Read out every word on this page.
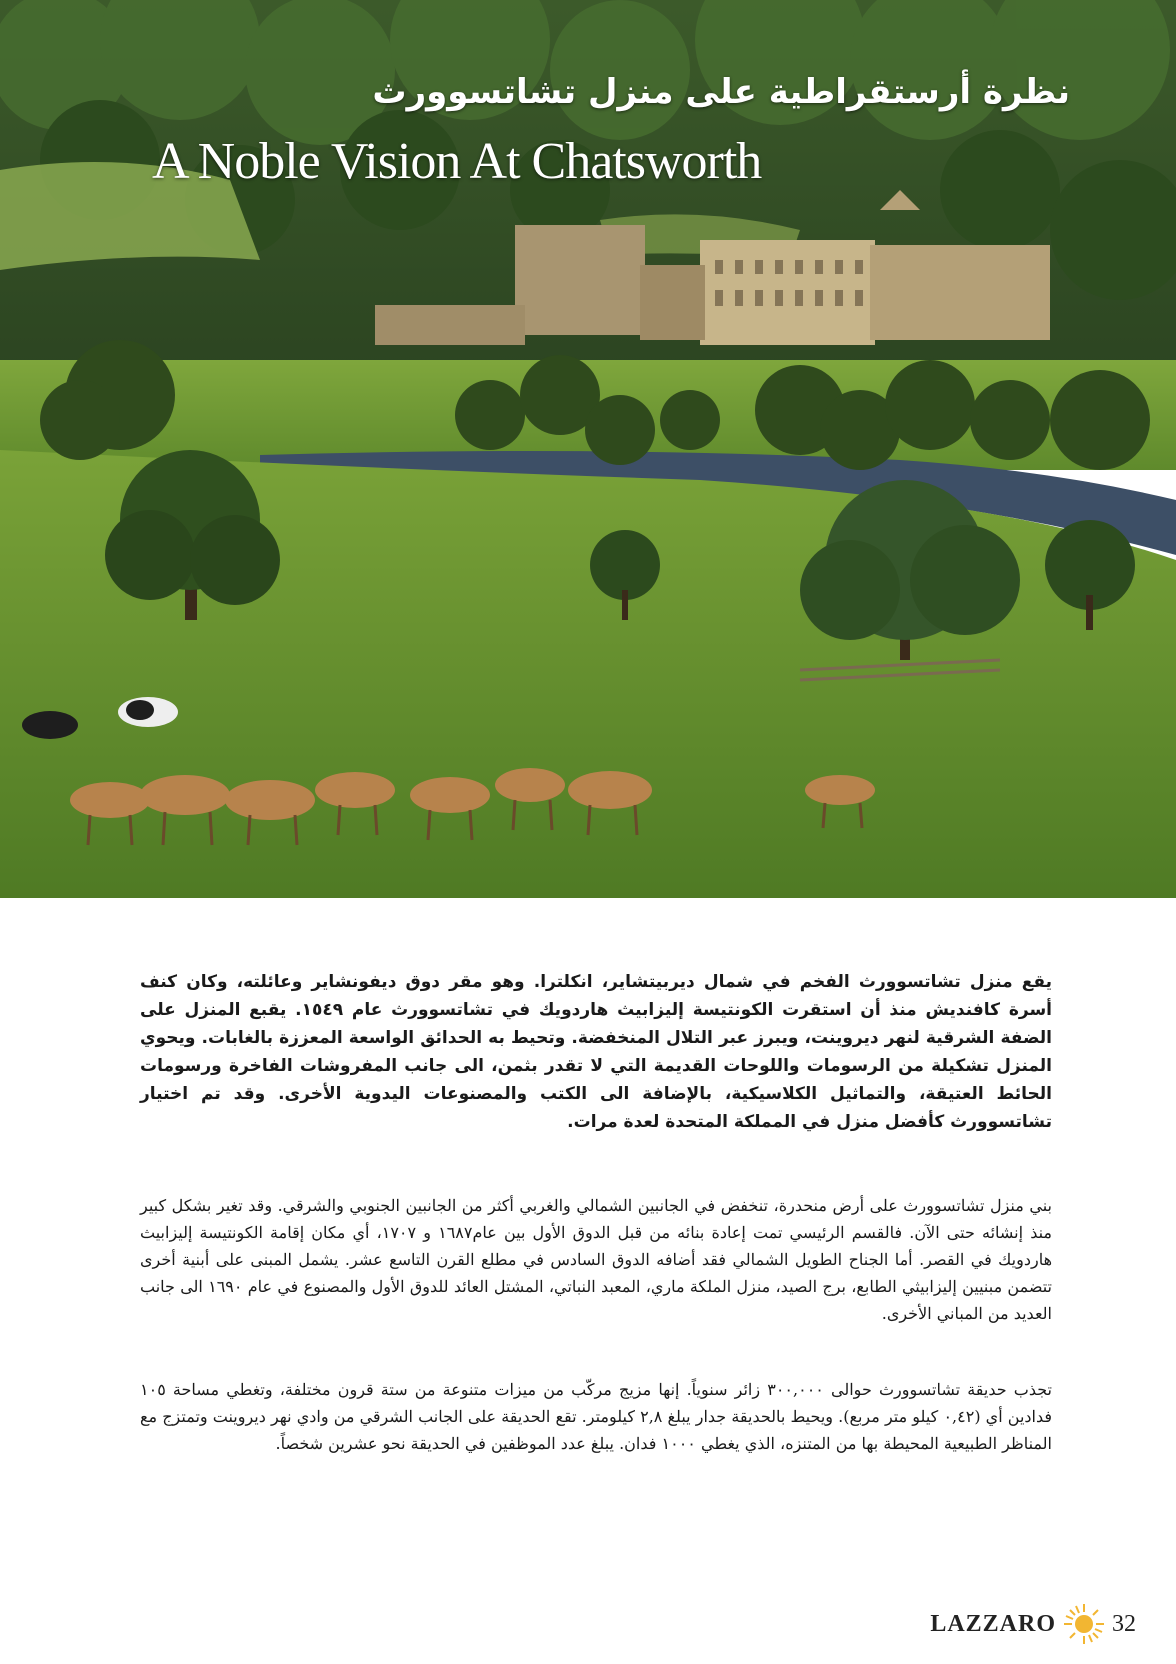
نظرة أرستقراطية على منزل تشاتسوورث
A Noble Vision At Chatsworth
يقع منزل تشاتسوورث الفخم في شمال ديربيتشاير، انكلترا. وهو مقر دوق ديفونشاير وعائلته، وكان كنف أسرة كافنديش منذ أن استقرت الكونتيسة إليزابيث هاردويك في تشاتسوورث عام ١٥٤٩. يقبع المنزل على الضفة الشرقية لنهر ديروينت، ويبرز عبر التلال المنخفضة. وتحيط به الحدائق الواسعة المعززة بالغابات. ويحوي المنزل تشكيلة من الرسومات واللوحات القديمة التي لا تقدر بثمن، الى جانب المفروشات الفاخرة ورسومات الحائط العتيقة، والتماثيل الكلاسيكية، بالإضافة الى الكتب والمصنوعات اليدوية الأخرى. وقد تم اختيار تشاتسوورث كأفضل منزل في المملكة المتحدة لعدة مرات.
بني منزل تشاتسوورث على أرض منحدرة، تنخفض في الجانبين الشمالي والغربي أكثر من الجانبين الجنوبي والشرقي. وقد تغير بشكل كبير منذ إنشائه حتى الآن. فالقسم الرئيسي تمت إعادة بنائه من قبل الدوق الأول بين عام١٦٨٧ و ١٧٠٧، أي مكان إقامة الكونتيسة إليزابيث هاردويك في القصر. أما الجناح الطويل الشمالي فقد أضافه الدوق السادس في مطلع القرن التاسع عشر. يشمل المبنى على أبنية أخرى تتضمن مبنيين إليزابيثي الطابع، برج الصيد، منزل الملكة ماري، المعبد النباتي، المشتل العائد للدوق الأول والمصنوع في عام ١٦٩٠ الى جانب العديد من المباني الأخرى.
تجذب حديقة تشاتسوورث حوالى ٣٠٠,٠٠٠ زائر سنوياً. إنها مزيج مركّب من ميزات متنوعة من ستة قرون مختلفة، وتغطي مساحة ١٠٥ فدادين أي (٠,٤٢ كيلو متر مربع). ويحيط بالحديقة جدار يبلغ ٢,٨ كيلومتر. تقع الحديقة على الجانب الشرقي من وادي نهر ديروينت وتمتزج مع المناظر الطبيعية المحيطة بها من المتنزه، الذي يغطي ١٠٠٠ فدان. يبلغ عدد الموظفين في الحديقة نحو عشرين شخصاً.
LAZZARO 32
